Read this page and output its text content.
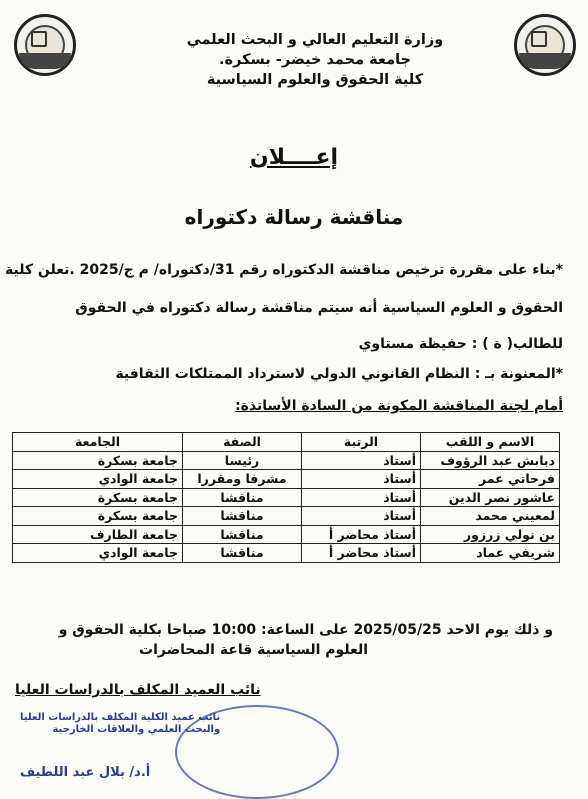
وزارة التعليم العالي و البحث العلمي
جامعة محمد خيضر- بسكرة.
كلية الحقوق والعلوم السياسية
إعــــلان
مناقشة رسالة دكتوراه
*بناء على مقررة ترخيص مناقشة الدكتوراه رقم 31/دكتوراه/ م ج/2025 .تعلن كلية
الحقوق و العلوم السياسية أنه سيتم مناقشة رسالة دكتوراه في الحقوق
للطالب( ة ) : حفيظة مستاوي
*المعنونة بـ : النظام القانوني الدولي لاسترداد الممتلكات الثقافية
أمام لجنة المناقشة المكونة من السادة الأساتذة:
الاسم و اللقب	الرتبة	الصفة	الجامعة
دبابش عبد الرؤوف	أستاذ	رئيسا	جامعة بسكرة
فرحاتي عمر	أستاذ	مشرفا ومقررا	جامعة الوادي
عاشور نصر الدين	أستاذ	مناقشا	جامعة بسكرة
لمعيني محمد	أستاذ	مناقشا	جامعة بسكرة
بن نولي زرزور	أستاذ محاضر أ	مناقشا	جامعة الطارف
شريفي عماد	أستاذ محاضر أ	مناقشا	جامعة الوادي
و ذلك يوم الاحد 2025/05/25 على الساعة: 10:00 صباحا بكلية الحقوق و
العلوم السياسية قاعة المحاضرات
نائب العميد المكلف بالدراسات العليا
نائب عميد الكلية المكلف بالدراسات العليا
والبحث العلمي والعلاقات الخارجية
أ.د/ بلال عبد اللطيف
